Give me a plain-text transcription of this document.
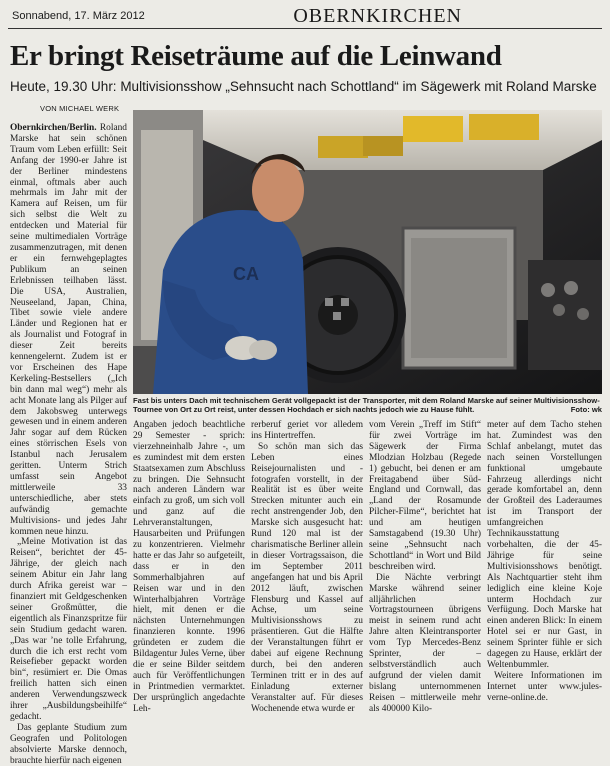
Sonnabend, 17. März 2012	OBERNKIRCHEN
Er bringt Reiseträume auf die Leinwand
Heute, 19.30 Uhr: Multivisionsshow „Sehnsucht nach Schottland“ im Sägewerk mit Roland Marske
VON MICHAEL WERK

Obernkirchen/Berlin. Roland Marske hat sein schönen Traum vom Leben erfüllt: Seit Anfang der 1990-er Jahre ist der Berliner mindestens einmal, oftmals aber auch mehrmals im Jahr mit der Kamera auf Reisen, um für sich selbst die Welt zu entdecken und Material für seine multimedialen Vorträge zusammenzutragen, mit denen er ein fernwehgeplagtes Publikum an seinen Erlebnissen teilhaben lässt. Die USA, Australien, Neuseeland, Japan, China, Tibet sowie viele andere Länder und Regionen hat er als Journalist und Fotograf in dieser Zeit bereits kennengelernt. Zudem ist er vor Erscheinen des Hape Kerkeling-Bestsellers („Ich bin dann mal weg“) mehr als acht Monate lang als Pilger auf dem Jakobsweg unterwegs gewesen und in einem anderen Jahr sogar auf dem Rücken eines störrischen Esels von Istanbul nach Jerusalem geritten. Unterm Strich umfasst sein Angebot mittlerweile 33 unterschiedliche, aber stets aufwändig gemachte Multivisions- und jedes Jahr kommen neue hinzu.

„Meine Motivation ist das Reisen“, berichtet der 45-Jährige, der gleich nach seinem Abitur ein Jahr lang durch Afrika gereist war – finanziert mit Geldgeschenken seiner Großmütter, die eigentlich als Finanzspritze für sein Studium gedacht waren. „Das war ’ne tolle Erfahrung, durch die ich erst recht vom Reisefieber gepackt worden bin“, resümiert er. Die Omas freilich hatten sich einen anderen Verwendungszweck ihrer „Ausbildungsbeihilfe“ gedacht.

Das geplante Studium zum Geografen und Politologen absolvierte Marske dennoch, brauchte hierfür nach eigenen

CA
Fast bis unters Dach mit technischem Gerät vollgepackt ist der Transporter, mit dem Roland Marske auf seiner Multivisionsshow-Tournee von Ort zu Ort reist, unter dessen Hochdach er sich nachts jedoch wie zu Hause fühlt.	Foto: wk

Angaben jedoch beachtliche 29 Semester - sprich: vierzehneinhalb Jahre -, um es zumindest mit dem ersten Staatsexamen zum Abschluss zu bringen. Die Sehnsucht nach anderen Ländern war einfach zu groß, um sich voll und ganz auf die Lehrveranstaltungen, Hausarbeiten und Prüfungen zu konzentrieren. Vielmehr hatte er das Jahr so aufgeteilt, dass er in den Sommerhalbjahren auf Reisen war und in den Winterhalbjahren Vorträge hielt, mit denen er die nächsten Unternehmungen finanzieren konnte. 1996 gründeten er zudem die Bildagentur Jules Verne, über die er seine Bilder seitdem auch für Veröffentlichungen in Printmedien vermarktet. Der ursprünglich angedachte Leh-

rerberuf geriet vor alledem ins Hintertreffen.

So schön man sich das Leben eines Reisejournalisten und -fotografen vorstellt, in der Realität ist es über weite Strecken mitunter auch ein recht anstrengender Job, den Marske sich ausgesucht hat: Rund 120 mal ist der charismatische Berliner allein in dieser Vortragssaison, die im September 2011 angefangen hat und bis April 2012 läuft, zwischen Flensburg und Kassel auf Achse, um seine Multivisionsshows zu präsentieren. Gut die Hälfte der Veranstaltungen führt er dabei auf eigene Rechnung durch, bei den anderen Terminen tritt er in des auf Einladung externer Veranstalter auf. Für dieses Wochenende etwa wurde er

vom Verein „Treff im Stift“ für zwei Vorträge im Sägewerk der Firma Mlodzian Holzbau (Regede 1) gebucht, bei denen er am Freitagabend über Süd-England und Cornwall, das „Land der Rosamunde Pilcher-Filme“, berichtet hat und am heutigen Samstagabend (19.30 Uhr) seine „Sehnsucht nach Schottland“ in Wort und Bild beschreiben wird.

Die Nächte verbringt Marske während seiner alljährlichen Vortragstourneen übrigens meist in seinem rund acht Jahre alten Kleintransporter vom Typ Mercedes-Benz Sprinter, der – selbstverständlich auch aufgrund der vielen damit bislang unternommenen Reisen – mittlerweile mehr als 400000 Kilo-

meter auf dem Tacho stehen hat. Zumindest was den Schlaf anbelangt, mutet das nach seinen Vorstellungen funktional umgebaute Fahrzeug allerdings nicht gerade komfortabel an, denn der Großteil des Laderaumes ist im Transport der umfangreichen Technikausstattung vorbehalten, die der 45-Jährige für seine Multivisionsshows benötigt. Als Nachtquartier steht ihm lediglich eine kleine Koje unterm Hochdach zur Verfügung. Doch Marske hat einen anderen Blick: In einem Hotel sei er nur Gast, in seinem Sprinter fühle er sich dagegen zu Hause, erklärt der Weltenbummler.

Weitere Informationen im Internet unter www.jules-verne-online.de.
